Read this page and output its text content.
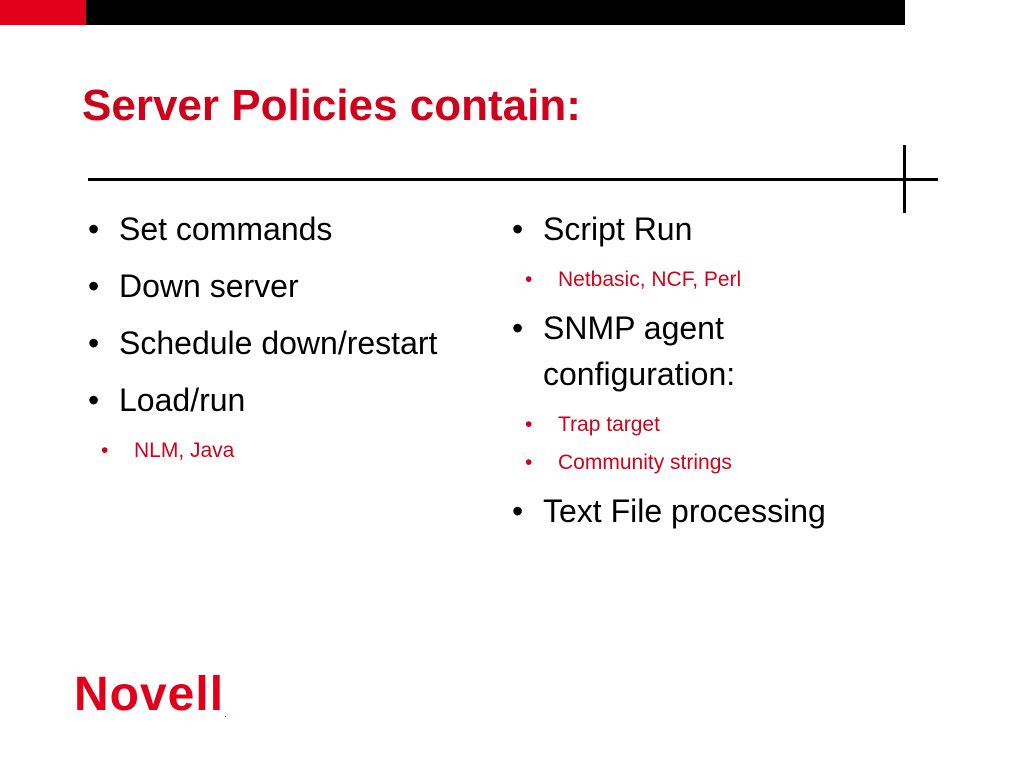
Server Policies contain:
• Set commands
• Down server
• Schedule down/restart
• Load/run
•	NLM, Java
• Script Run
•	Netbasic, NCF, Perl
• SNMP agent configuration:
•	Trap target
•	Community strings
• Text File processing
Novell.
